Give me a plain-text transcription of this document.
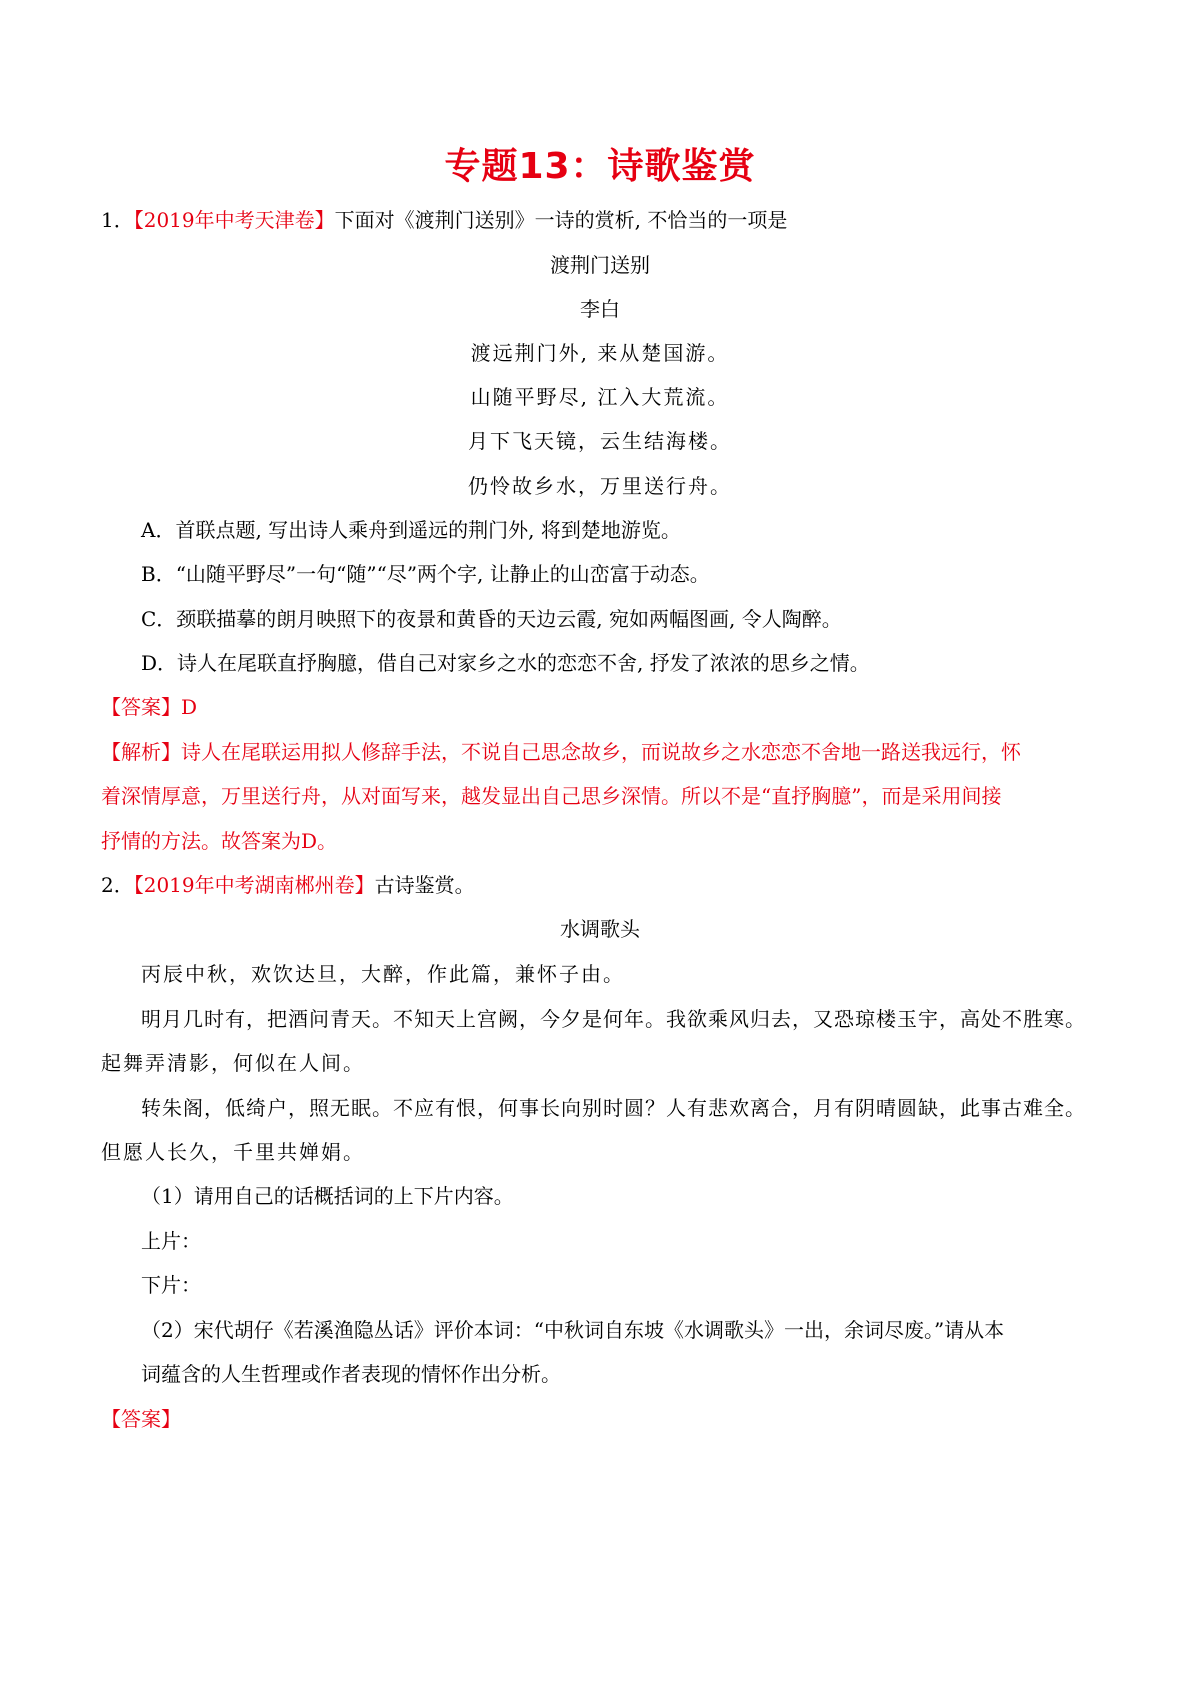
专题13：诗歌鉴赏
1．【2019年中考天津卷】下面对《渡荆门送别》一诗的赏析, 不恰当的一项是
渡荆门送别
李白
渡远荆门外, 来从楚国游。
山随平野尽, 江入大荒流。
月下飞天镜，云生结海楼。
仍怜故乡水，万里送行舟。
A．首联点题, 写出诗人乘舟到遥远的荆门外, 将到楚地游览。
B．“山随平野尽”一句“随”“尽”两个字, 让静止的山峦富于动态。
C．颈联描摹的朗月映照下的夜景和黄昏的天边云霞, 宛如两幅图画, 令人陶醉。
D．诗人在尾联直抒胸臆，借自己对家乡之水的恋恋不舍, 抒发了浓浓的思乡之情。
【答案】D
【解析】诗人在尾联运用拟人修辞手法，不说自己思念故乡，而说故乡之水恋恋不舍地一路送我远行，怀
着深情厚意，万里送行舟，从对面写来，越发显出自己思乡深情。所以不是“直抒胸臆”，而是采用间接
抒情的方法。故答案为D。
2．【2019年中考湖南郴州卷】古诗鉴赏。
水调歌头
丙辰中秋，欢饮达旦，大醉，作此篇，兼怀子由。
明月几时有，把酒问青天。不知天上宫阙，今夕是何年。我欲乘风归去，又恐琼楼玉宇，高处不胜寒。
起舞弄清影，何似在人间。
转朱阁，低绮户，照无眠。不应有恨，何事长向别时圆？人有悲欢离合，月有阴晴圆缺，此事古难全。
但愿人长久，千里共婵娟。
（1）请用自己的话概括词的上下片内容。
上片：
下片：
（2）宋代胡仔《若溪渔隐丛话》评价本词：“中秋词自东坡《水调歌头》一出，余词尽废。”请从本
词蕴含的人生哲理或作者表现的情怀作出分析。
【答案】
